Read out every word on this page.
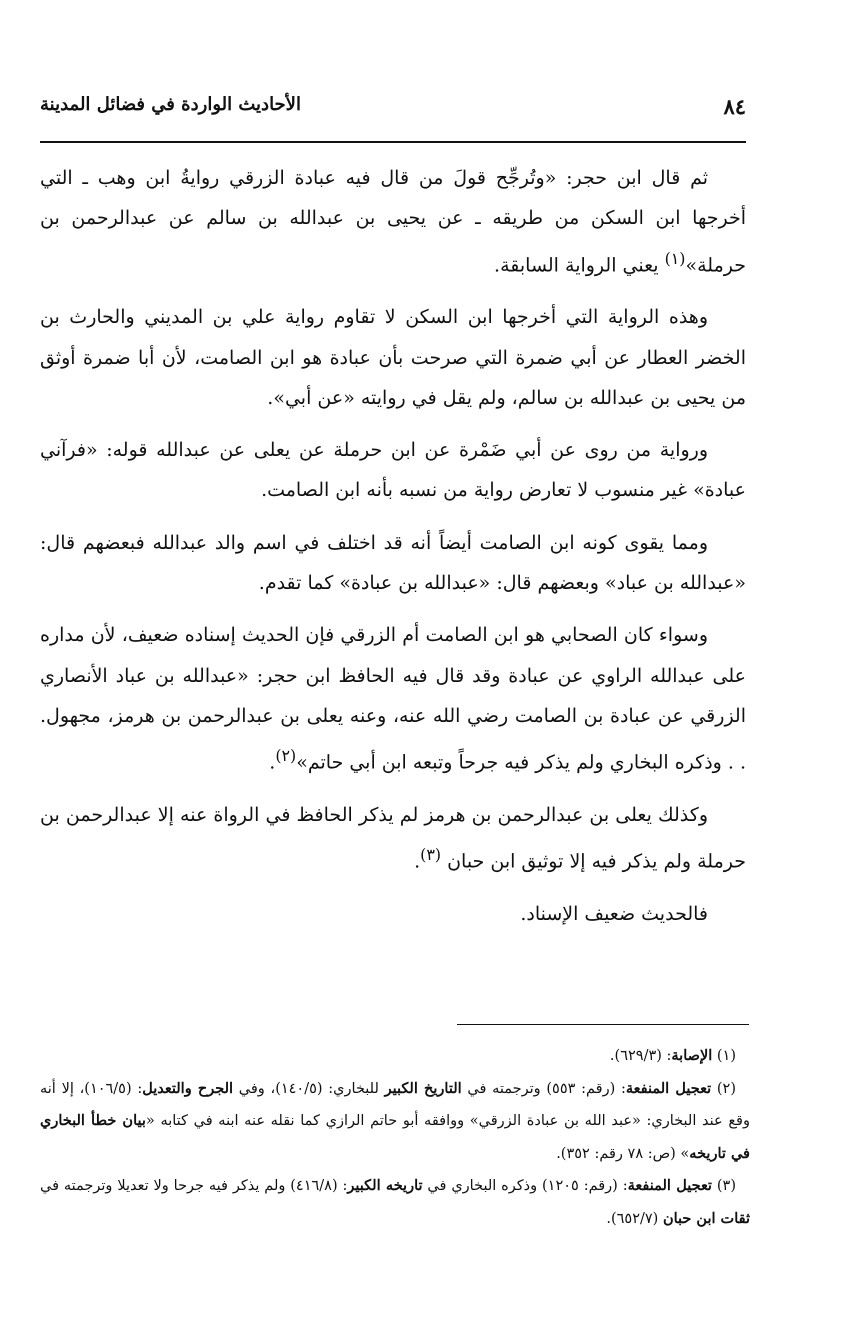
٨٤
الأحاديث الواردة في فضائل المدينة

ثم قال ابن حجر: «وتُرجِّح قولَ من قال فيه عبادة الزرقي روايةُ ابن وهب ـ التي أخرجها ابن السكن من طريقه ـ عن يحيى بن عبدالله بن سالم عن عبدالرحمن بن حرملة»$^{(١)}$ يعني الرواية السابقة.

وهذه الرواية التي أخرجها ابن السكن لا تقاوم رواية علي بن المديني والحارث بن الخضر العطار عن أبي ضمرة التي صرحت بأن عبادة هو ابن الصامت، لأن أبا ضمرة أوثق من يحيى بن عبدالله بن سالم، ولم يقل في روايته «عن أبي».

ورواية من روى عن أبي ضَمْرة عن ابن حرملة عن يعلى عن عبدالله قوله: «فرآني عبادة» غير منسوب لا تعارض رواية من نسبه بأنه ابن الصامت.

ومما يقوى كونه ابن الصامت أيضاً أنه قد اختلف في اسم والد عبدالله فبعضهم قال: «عبدالله بن عباد» وبعضهم قال: «عبدالله بن عبادة» كما تقدم.

وسواء كان الصحابي هو ابن الصامت أم الزرقي فإن الحديث إسناده ضعيف، لأن مداره على عبدالله الراوي عن عبادة وقد قال فيه الحافظ ابن حجر: «عبدالله بن عباد الأنصاري الزرقي عن عبادة بن الصامت رضي الله عنه، وعنه يعلى بن عبدالرحمن بن هرمز، مجهول. . . وذكره البخاري ولم يذكر فيه جرحاً وتبعه ابن أبي حاتم»$^{(٢)}$.

وكذلك يعلى بن عبدالرحمن بن هرمز لم يذكر الحافظ في الرواة عنه إلا عبدالرحمن بن حرملة ولم يذكر فيه إلا توثيق ابن حبان $^{(٣)}$.

فالحديث ضعيف الإسناد.

(١) الإصابة: (٦٢٩/٣).

(٢) تعجيل المنفعة: (رقم: ٥٥٣) وترجمته في التاريخ الكبير للبخاري: (١٤٠/٥)، وفي الجرح والتعديل: (١٠٦/٥)، إلا أنه وقع عند البخاري: «عبد الله بن عبادة الزرقي» ووافقه أبو حاتم الرازي كما نقله عنه ابنه في كتابه «بيان خطأ البخاري في تاريخه» (ص: ٧٨ رقم: ٣٥٢).

(٣) تعجيل المنفعة: (رقم: ١٢٠٥) وذكره البخاري في تاريخه الكبير: (٤١٦/٨) ولم يذكر فيه جرحا ولا تعديلا وترجمته في ثقات ابن حبان (٦٥٢/٧).
